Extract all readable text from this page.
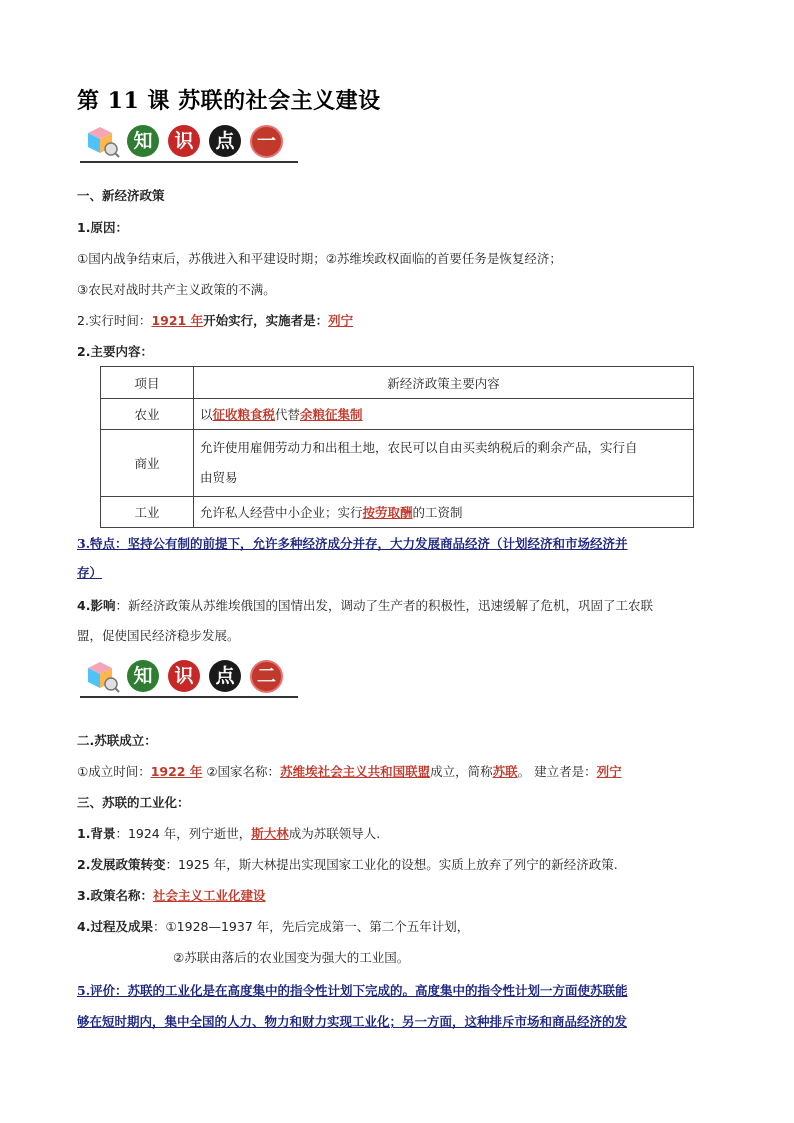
第 11 课 苏联的社会主义建设
知	识	点	一
一、新经济政策
1.原因：
①国内战争结束后，苏俄进入和平建设时期；②苏维埃政权面临的首要任务是恢复经济；
③农民对战时共产主义政策的不满。
2.实行时间：1921 年开始实行，实施者是：列宁
2.主要内容：
项目	新经济政策主要内容
农业	以征收粮食税代替余粮征集制
商业	允许使用雇佣劳动力和出租土地，农民可以自由买卖纳税后的剩余产品，实行自
由贸易
工业	允许私人经营中小企业；实行按劳取酬的工资制
3.特点：坚持公有制的前提下，允许多种经济成分并存，大力发展商品经济（计划经济和市场经济并
存）
4.影响：新经济政策从苏维埃俄国的国情出发，调动了生产者的积极性，迅速缓解了危机，巩固了工农联
盟，促使国民经济稳步发展。
知	识	点	二
二.苏联成立：
①成立时间：1922 年 ②国家名称：苏维埃社会主义共和国联盟成立，简称苏联。 建立者是：列宁
三、苏联的工业化：
1.背景：1924 年，列宁逝世，斯大林成为苏联领导人.
2.发展政策转变：1925 年，斯大林提出实现国家工业化的设想。实质上放弃了列宁的新经济政策.
3.政策名称：社会主义工业化建设
4.过程及成果：①1928—1937 年，先后完成第一、第二个五年计划，
②苏联由落后的农业国变为强大的工业国。
5.评价：苏联的工业化是在高度集中的指令性计划下完成的。高度集中的指令性计划一方面使苏联能
够在短时期内，集中全国的人力、物力和财力实现工业化；另一方面，这种排斥市场和商品经济的发
